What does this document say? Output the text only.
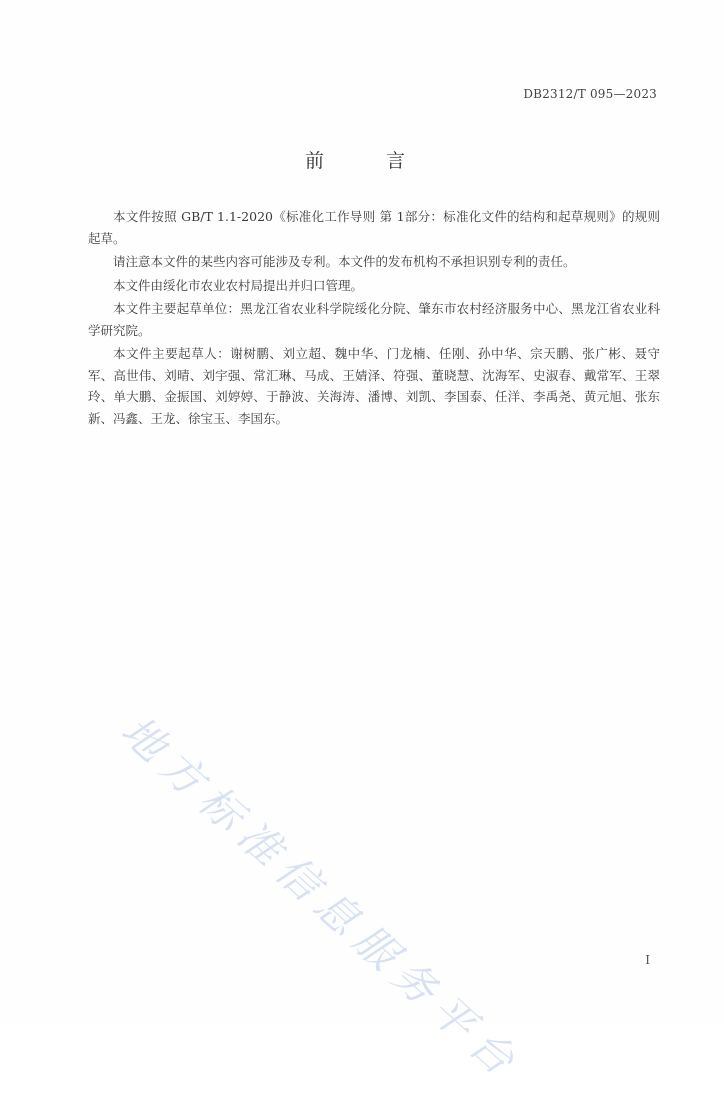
DB2312/T 095—2023
前 言

本文件按照 GB/T 1.1-2020《标准化工作导则 第 1部分：标准化文件的结构和起草规则》的规则起草。

请注意本文件的某些内容可能涉及专利。本文件的发布机构不承担识别专利的责任。

本文件由绥化市农业农村局提出并归口管理。

本文件主要起草单位：黑龙江省农业科学院绥化分院、肇东市农村经济服务中心、黑龙江省农业科学研究院。

本文件主要起草人：谢树鹏、刘立超、魏中华、门龙楠、任刚、孙中华、宗天鹏、张广彬、聂守军、高世伟、刘晴、刘宇强、常汇琳、马成、王婧泽、符强、董晓慧、沈海军、史淑春、戴常军、王翠玲、单大鹏、金振国、刘婷婷、于静波、关海涛、潘博、刘凯、李国泰、任洋、李禹尧、黄元旭、张东新、冯鑫、王龙、徐宝玉、李国东。

地方标准信息服务平台	I
